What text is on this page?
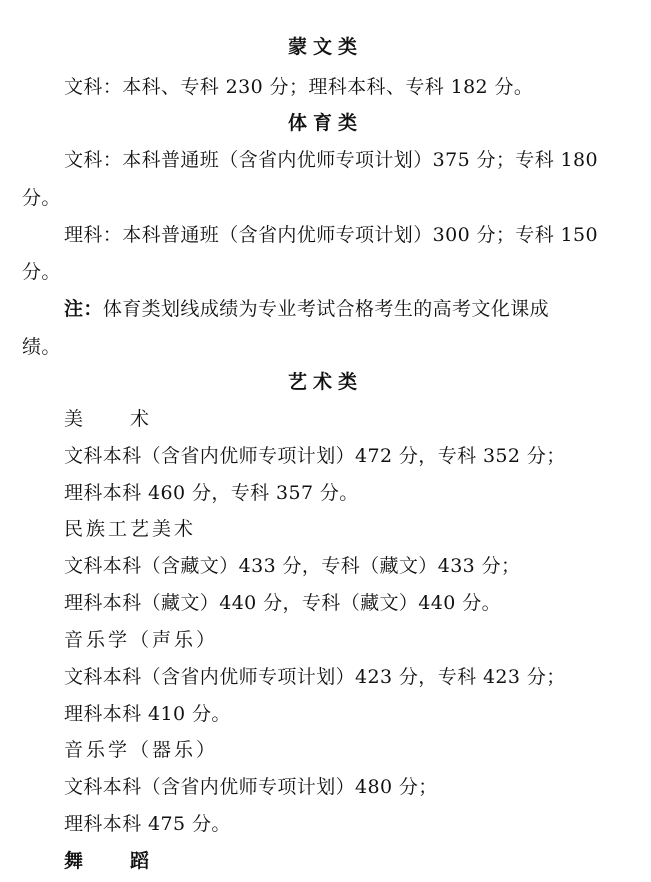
蒙文类
文科：本科、专科 230 分；理科本科、专科 182 分。
体育类
文科：本科普通班（含省内优师专项计划）375 分；专科 180
分。
理科：本科普通班（含省内优师专项计划）300 分；专科 150
分。
注：体育类划线成绩为专业考试合格考生的高考文化课成
绩。
艺术类
美　术
文科本科（含省内优师专项计划）472 分，专科 352 分；
理科本科 460 分，专科 357 分。
民族工艺美术
文科本科（含藏文）433 分，专科（藏文）433 分；
理科本科（藏文）440 分，专科（藏文）440 分。
音乐学（声乐）
文科本科（含省内优师专项计划）423 分，专科 423 分；
理科本科 410 分。
音乐学（器乐）
文科本科（含省内优师专项计划）480 分；
理科本科 475 分。
舞　蹈
